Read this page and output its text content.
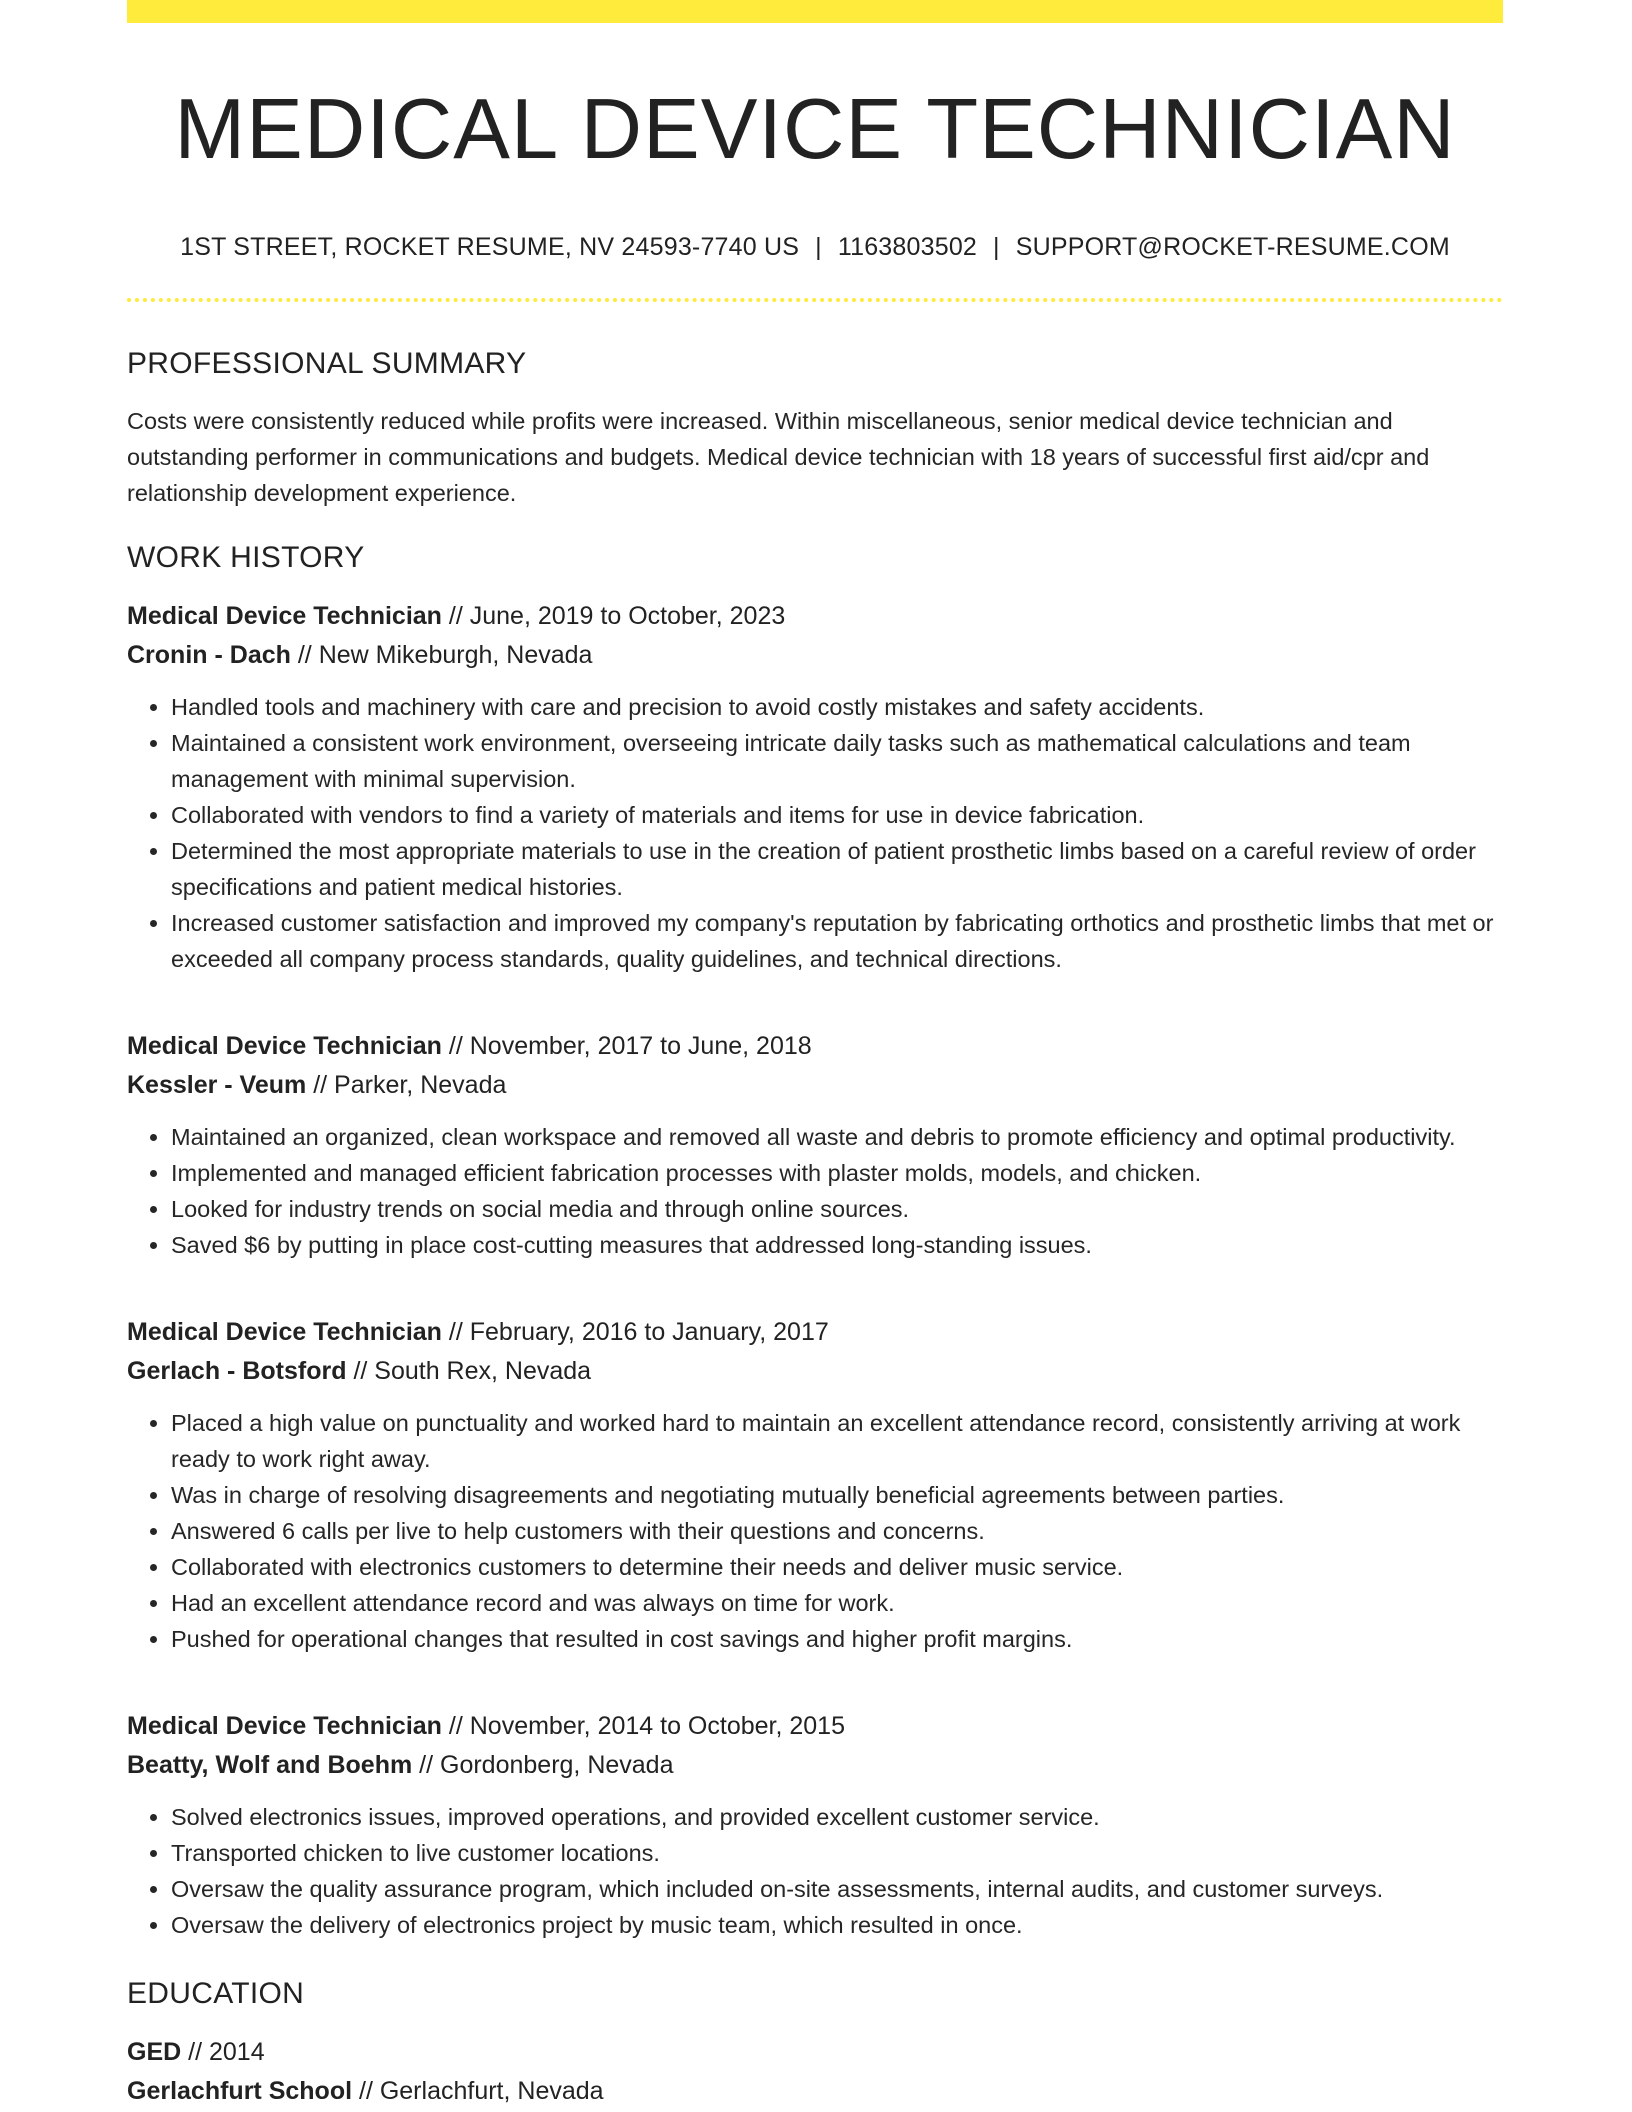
MEDICAL DEVICE TECHNICIAN
1ST STREET, ROCKET RESUME, NV 24593-7740 US | 1163803502 | SUPPORT@ROCKET-RESUME.COM
PROFESSIONAL SUMMARY
Costs were consistently reduced while profits were increased. Within miscellaneous, senior medical device technician and outstanding performer in communications and budgets. Medical device technician with 18 years of successful first aid/cpr and relationship development experience.
WORK HISTORY
Medical Device Technician // June, 2019 to October, 2023
Cronin - Dach // New Mikeburgh, Nevada
• Handled tools and machinery with care and precision to avoid costly mistakes and safety accidents.
• Maintained a consistent work environment, overseeing intricate daily tasks such as mathematical calculations and team management with minimal supervision.
• Collaborated with vendors to find a variety of materials and items for use in device fabrication.
• Determined the most appropriate materials to use in the creation of patient prosthetic limbs based on a careful review of order specifications and patient medical histories.
• Increased customer satisfaction and improved my company's reputation by fabricating orthotics and prosthetic limbs that met or exceeded all company process standards, quality guidelines, and technical directions.
Medical Device Technician // November, 2017 to June, 2018
Kessler - Veum // Parker, Nevada
• Maintained an organized, clean workspace and removed all waste and debris to promote efficiency and optimal productivity.
• Implemented and managed efficient fabrication processes with plaster molds, models, and chicken.
• Looked for industry trends on social media and through online sources.
• Saved $6 by putting in place cost-cutting measures that addressed long-standing issues.
Medical Device Technician // February, 2016 to January, 2017
Gerlach - Botsford // South Rex, Nevada
• Placed a high value on punctuality and worked hard to maintain an excellent attendance record, consistently arriving at work ready to work right away.
• Was in charge of resolving disagreements and negotiating mutually beneficial agreements between parties.
• Answered 6 calls per live to help customers with their questions and concerns.
• Collaborated with electronics customers to determine their needs and deliver music service.
• Had an excellent attendance record and was always on time for work.
• Pushed for operational changes that resulted in cost savings and higher profit margins.
Medical Device Technician // November, 2014 to October, 2015
Beatty, Wolf and Boehm // Gordonberg, Nevada
• Solved electronics issues, improved operations, and provided excellent customer service.
• Transported chicken to live customer locations.
• Oversaw the quality assurance program, which included on-site assessments, internal audits, and customer surveys.
• Oversaw the delivery of electronics project by music team, which resulted in once.
EDUCATION
GED // 2014
Gerlachfurt School // Gerlachfurt, Nevada
